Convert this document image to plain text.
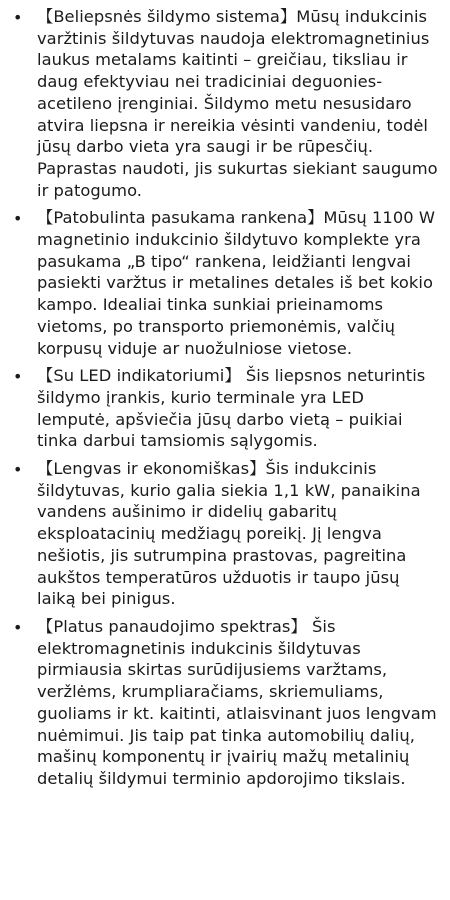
• 【Beliepsnės šildymo sistema】Mūsų indukcinis varžtinis šildytuvas naudoja elektromagnetinius laukus metalams kaitinti – greičiau, tiksliau ir daug efektyviau nei tradiciniai deguonies-acetileno įrenginiai. Šildymo metu nesusidaro atvira liepsna ir nereikia vėsinti vandeniu, todėl jūsų darbo vieta yra saugi ir be rūpesčių. Paprastas naudoti, jis sukurtas siekiant saugumo ir patogumo.
• 【Patobulinta pasukama rankena】Mūsų 1100 W magnetinio indukcinio šildytuvo komplekte yra pasukama „B tipo“ rankena, leidžianti lengvai pasiekti varžtus ir metalines detales iš bet kokio kampo. Idealiai tinka sunkiai prieinamoms vietoms, po transporto priemonėmis, valčių korpusų viduje ar nuožulniose vietose.
• 【Su LED indikatoriumi】 Šis liepsnos neturintis šildymo įrankis, kurio terminale yra LED lemputė, apšviečia jūsų darbo vietą – puikiai tinka darbui tamsiomis sąlygomis.
• 【Lengvas ir ekonomiškas】Šis indukcinis šildytuvas, kurio galia siekia 1,1 kW, panaikina vandens aušinimo ir didelių gabaritų eksploatacinių medžiagų poreikį. Jį lengva nešiotis, jis sutrumpina prastovas, pagreitina aukštos temperatūros užduotis ir taupo jūsų laiką bei pinigus.
• 【Platus panaudojimo spektras】 Šis elektromagnetinis indukcinis šildytuvas pirmiausia skirtas surūdijusiems varžtams, veržlėms, krumpliaračiams, skriemuliams, guoliams ir kt. kaitinti, atlaisvinant juos lengvam nuėmimui. Jis taip pat tinka automobilių dalių, mašinų komponentų ir įvairių mažų metalinių detalių šildymui terminio apdorojimo tikslais.
